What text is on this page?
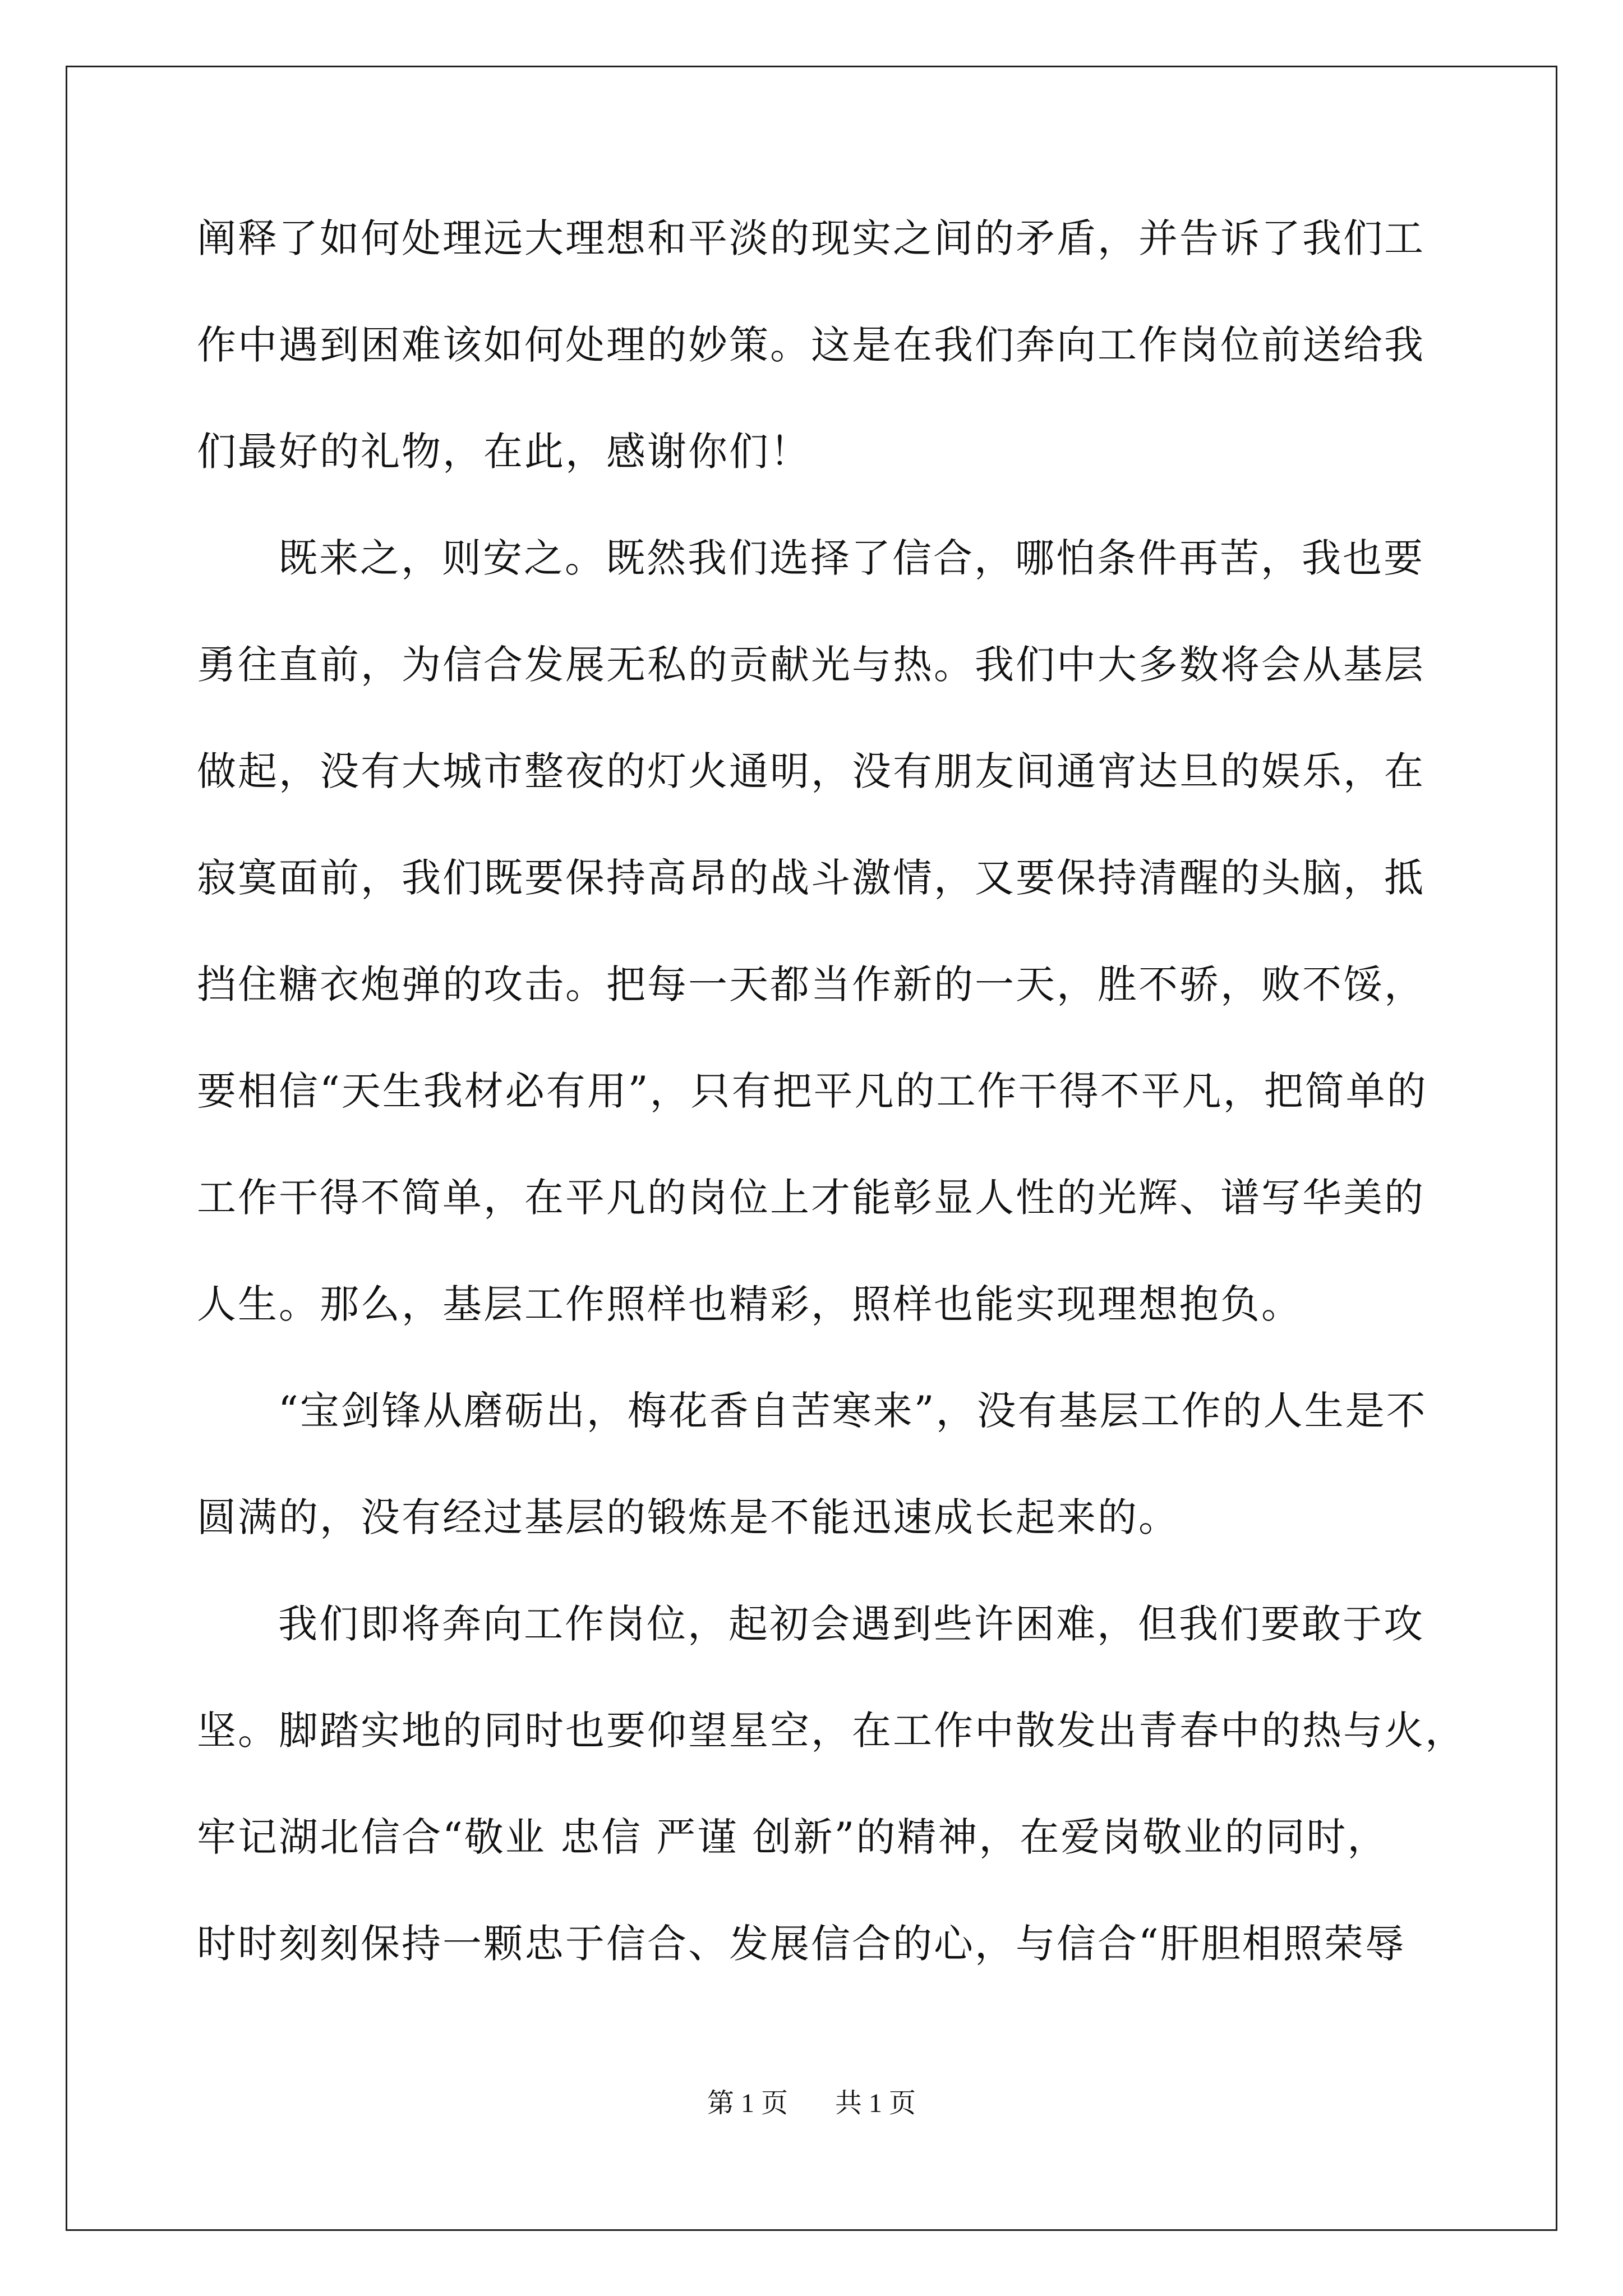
阐释了如何处理远大理想和平淡的现实之间的矛盾，并告诉了我们工
作中遇到困难该如何处理的妙策。这是在我们奔向工作岗位前送给我
们最好的礼物，在此，感谢你们！
既来之，则安之。既然我们选择了信合，哪怕条件再苦，我也要
勇往直前，为信合发展无私的贡献光与热。我们中大多数将会从基层
做起，没有大城市整夜的灯火通明，没有朋友间通宵达旦的娱乐，在
寂寞面前，我们既要保持高昂的战斗激情，又要保持清醒的头脑，抵
挡住糖衣炮弹的攻击。把每一天都当作新的一天，胜不骄，败不馁，
要相信“天生我材必有用”，只有把平凡的工作干得不平凡，把简单的
工作干得不简单，在平凡的岗位上才能彰显人性的光辉、谱写华美的
人生。那么，基层工作照样也精彩，照样也能实现理想抱负。
“宝剑锋从磨砺出，梅花香自苦寒来”，没有基层工作的人生是不
圆满的，没有经过基层的锻炼是不能迅速成长起来的。
我们即将奔向工作岗位，起初会遇到些许困难，但我们要敢于攻
坚。脚踏实地的同时也要仰望星空，在工作中散发出青春中的热与火，
牢记湖北信合“敬业 忠信 严谨 创新”的精神，在爱岗敬业的同时，
时时刻刻保持一颗忠于信合、发展信合的心，与信合“肝胆相照荣辱
第 1 页 共 1 页
